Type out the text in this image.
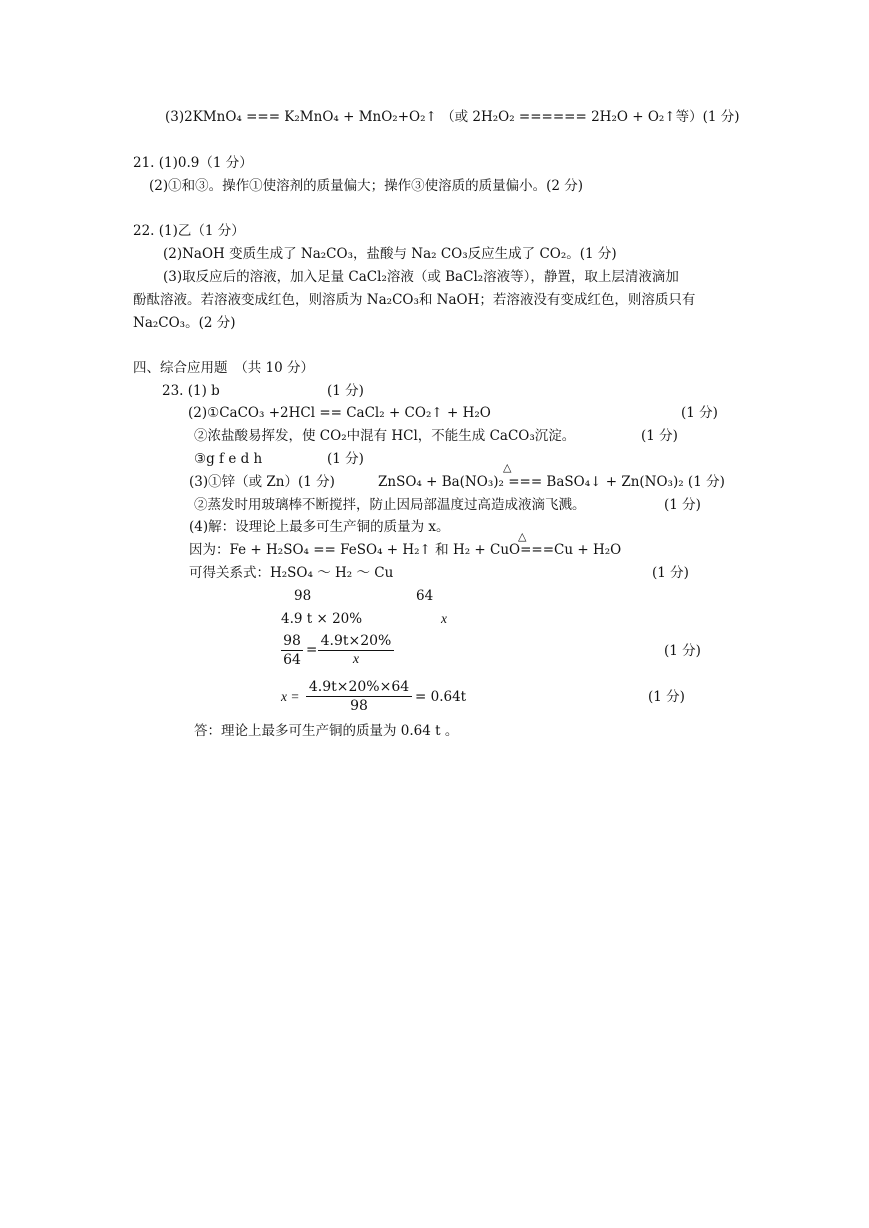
(3)2KMnO₄ === K₂MnO₄ + MnO₂+O₂↑ （或 2H₂O₂ ====== 2H₂O + O₂↑等）(1 分)
21. (1)0.9（1 分）
(2)①和③。操作①使溶剂的质量偏大；操作③使溶质的质量偏小。(2 分)
22. (1)乙（1 分）
(2)NaOH 变质生成了 Na₂CO₃，盐酸与 Na₂ CO₃反应生成了 CO₂。(1 分)
(3)取反应后的溶液，加入足量 CaCl₂溶液（或 BaCl₂溶液等），静置，取上层清液滴加
酚酞溶液。若溶液变成红色，则溶质为 Na₂CO₃和 NaOH；若溶液没有变成红色，则溶质只有
Na₂CO₃。(2 分)
四、综合应用题　（共 10 分）
23. (1) b	(1 分)
(2)①CaCO₃ +2HCl == CaCl₂ + CO₂↑ + H₂O	(1 分)
②浓盐酸易挥发，使 CO₂中混有 HCl，不能生成 CaCO₃沉淀。	(1 分)
③g f e d h	(1 分)
(3)①锌（或 Zn）(1 分)
△
ZnSO₄ + Ba(NO₃)₂ === BaSO₄↓ + Zn(NO₃)₂ (1 分)
②蒸发时用玻璃棒不断搅拌，防止因局部温度过高造成液滴飞溅。	(1 分)
(4)解：设理论上最多可生产铜的质量为 x。
△
因为：Fe + H₂SO₄ == FeSO₄ + H₂↑ 和 H₂ + CuO===Cu + H₂O
可得关系式：H₂SO₄ ～ H₂ ～ Cu	(1 分)
98	64
4.9 t × 20%	x
$\frac{98}{64} = \frac{4.9t\times 20\%}{x}$	(1 分)
$x = \frac{4.9t\times 20\%\times 64}{98} = 0.64t$	(1 分)
答：理论上最多可生产铜的质量为 0.64 t 。
